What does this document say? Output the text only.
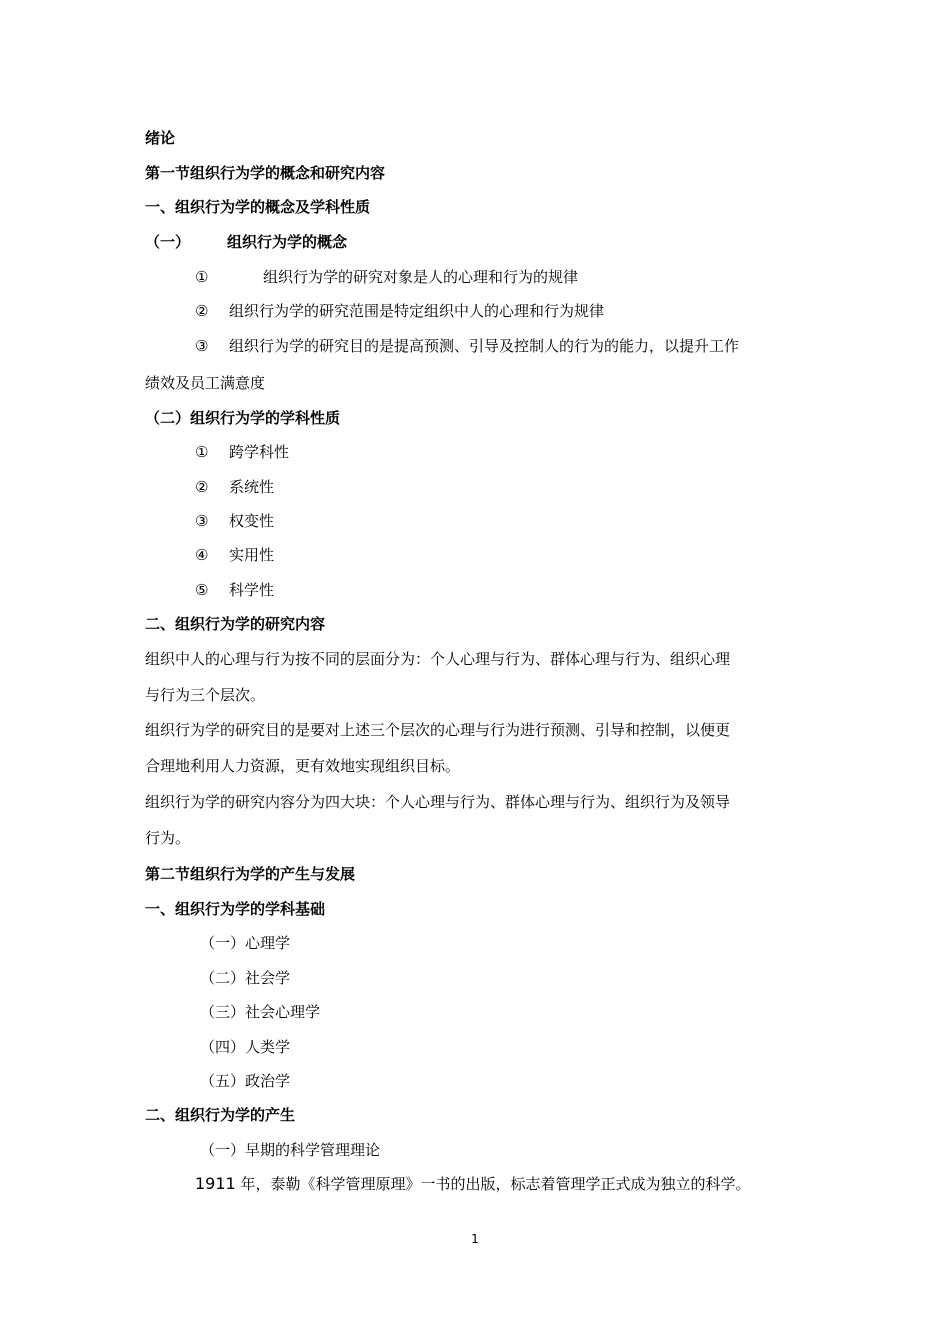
绪论
第一节组织行为学的概念和研究内容
一、组织行为学的概念及学科性质
（一） 组织行为学的概念
①	组织行为学的研究对象是人的心理和行为的规律
② 组织行为学的研究范围是特定组织中人的心理和行为规律
③ 组织行为学的研究目的是提高预测、引导及控制人的行为的能力，以提升工作
绩效及员工满意度
（二）组织行为学的学科性质
① 跨学科性
② 系统性
③ 权变性
④ 实用性
⑤ 科学性
二、组织行为学的研究内容
组织中人的心理与行为按不同的层面分为：个人心理与行为、群体心理与行为、组织心理
与行为三个层次。
组织行为学的研究目的是要对上述三个层次的心理与行为进行预测、引导和控制，以便更
合理地利用人力资源，更有效地实现组织目标。
组织行为学的研究内容分为四大块：个人心理与行为、群体心理与行为、组织行为及领导
行为。
第二节组织行为学的产生与发展
一、组织行为学的学科基础
（一）心理学
（二）社会学
（三）社会心理学
（四）人类学
（五）政治学
二、组织行为学的产生
（一）早期的科学管理理论
1911 年，泰勒《科学管理原理》一书的出版，标志着管理学正式成为独立的科学。
1
